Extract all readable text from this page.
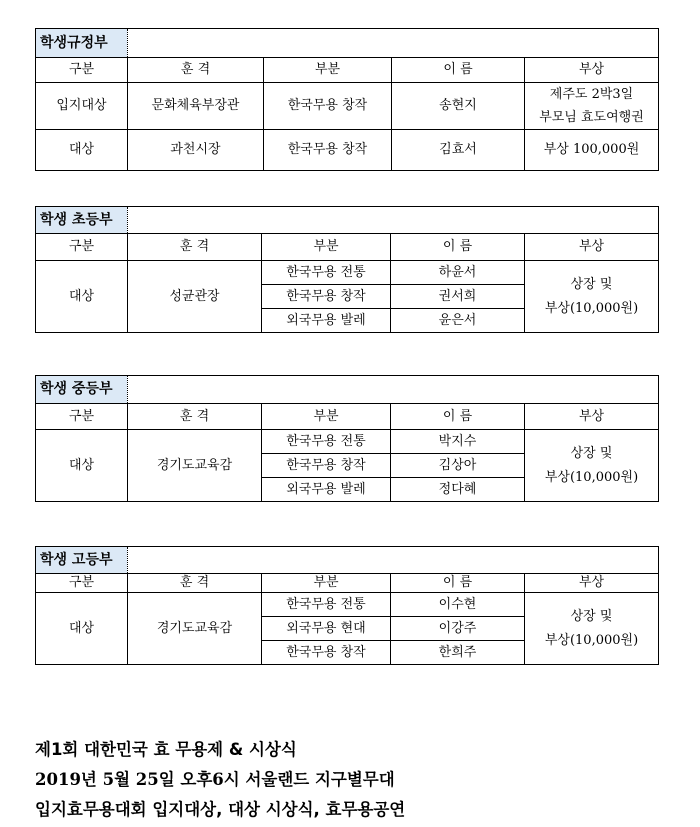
학생규정부				
구분	훈 격	부분	이 름	부상
입지대상	문화체육부장관	한국무용 창작	송현지	제주도 2박3일
부모님 효도여행권

대상	과천시장	한국무용 창작	김효서	부상 100,000원
학생 초등부				
구분	훈 격	부분	이 름	부상
대상	성균관장	한국무용 전통	하윤서	상장 및
부상(10,000원)

		한국무용 창작	권서희	
		외국무용 발레	윤은서	
학생 중등부				
구분	훈 격	부분	이 름	부상
대상	경기도교육감	한국무용 전통	박지수	상장 및
부상(10,000원)

		한국무용 창작	김상아	
		외국무용 발레	정다혜	
학생 고등부				
구분	훈 격	부분	이 름	부상
대상	경기도교육감	한국무용 전통	이수현	상장 및
부상(10,000원)

		외국무용 현대	이강주	
		한국무용 창작	한희주	
제1회 대한민국 효 무용제 & 시상식
2019년 5월 25일 오후6시 서울랜드 지구별무대
입지효무용대회 입지대상, 대상 시상식, 효무용공연
